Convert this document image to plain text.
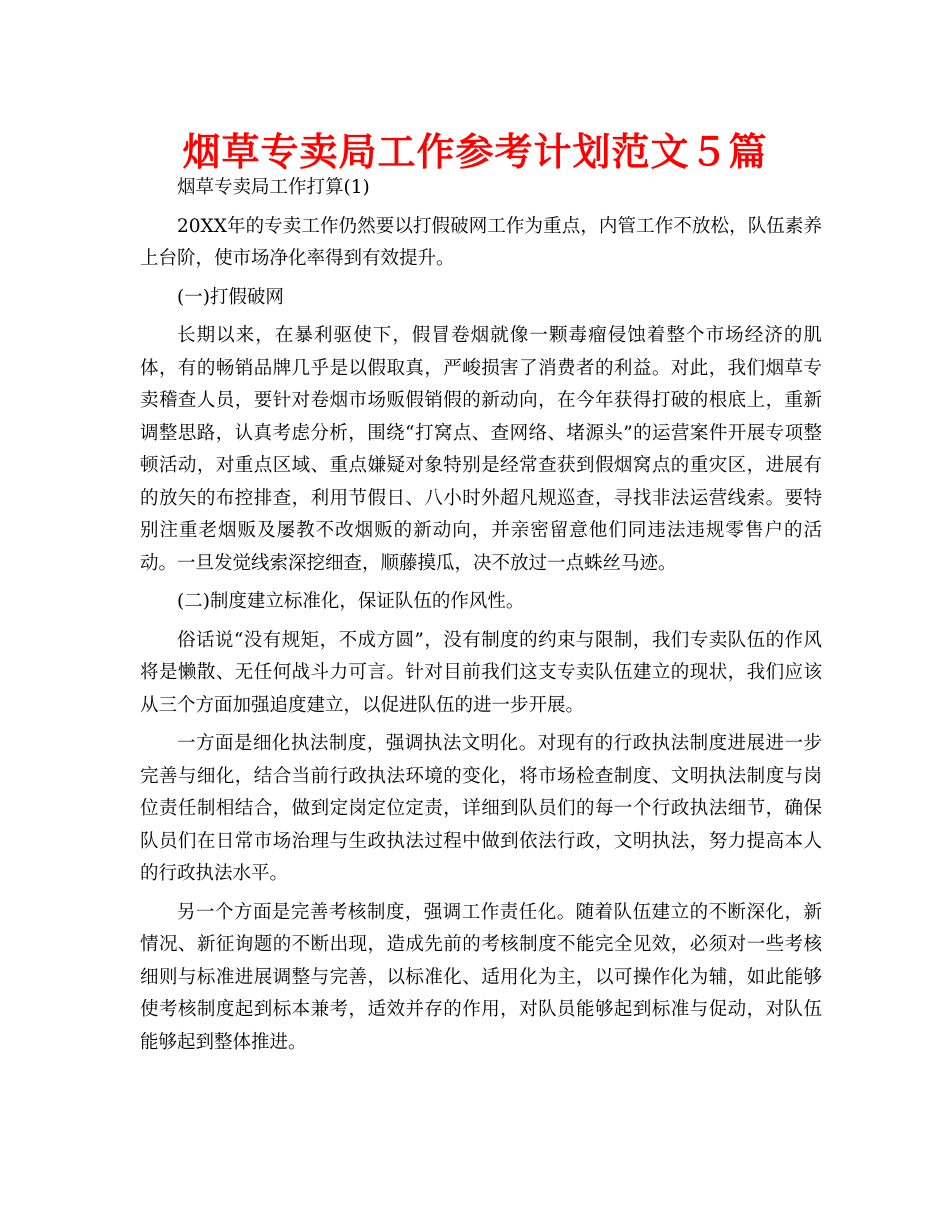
烟草专卖局工作参考计划范文５篇

烟草专卖局工作打算(1)

20XX年的专卖工作仍然要以打假破网工作为重点，内管工作不放松，队伍素养上台阶，使市场净化率得到有效提升。

(一)打假破网

长期以来，在暴利驱使下，假冒卷烟就像一颗毒瘤侵蚀着整个市场经济的肌体，有的畅销品牌几乎是以假取真，严峻损害了消费者的利益。对此，我们烟草专卖稽查人员，要针对卷烟市场贩假销假的新动向，在今年获得打破的根底上，重新调整思路，认真考虑分析，围绕“打窝点、查网络、堵源头”的运营案件开展专项整顿活动，对重点区域、重点嫌疑对象特别是经常查获到假烟窝点的重灾区，进展有的放矢的布控排查，利用节假日、八小时外超凡规巡查，寻找非法运营线索。要特别注重老烟贩及屡教不改烟贩的新动向，并亲密留意他们同违法违规零售户的活动。一旦发觉线索深挖细查，顺藤摸瓜，决不放过一点蛛丝马迹。

(二)制度建立标准化，保证队伍的作风性。

俗话说“没有规矩，不成方圆”，没有制度的约束与限制，我们专卖队伍的作风将是懒散、无任何战斗力可言。针对目前我们这支专卖队伍建立的现状，我们应该从三个方面加强追度建立，以促进队伍的进一步开展。

一方面是细化执法制度，强调执法文明化。对现有的行政执法制度进展进一步完善与细化，结合当前行政执法环境的变化，将市场检查制度、文明执法制度与岗位责任制相结合，做到定岗定位定责，详细到队员们的每一个行政执法细节，确保队员们在日常市场治理与生政执法过程中做到依法行政，文明执法，努力提高本人的行政执法水平。

另一个方面是完善考核制度，强调工作责任化。随着队伍建立的不断深化，新情况、新征询题的不断出现，造成先前的考核制度不能完全见效，必须对一些考核细则与标准进展调整与完善，以标准化、适用化为主，以可操作化为辅，如此能够使考核制度起到标本兼考，适效并存的作用，对队员能够起到标准与促动，对队伍能够起到整体推进。
